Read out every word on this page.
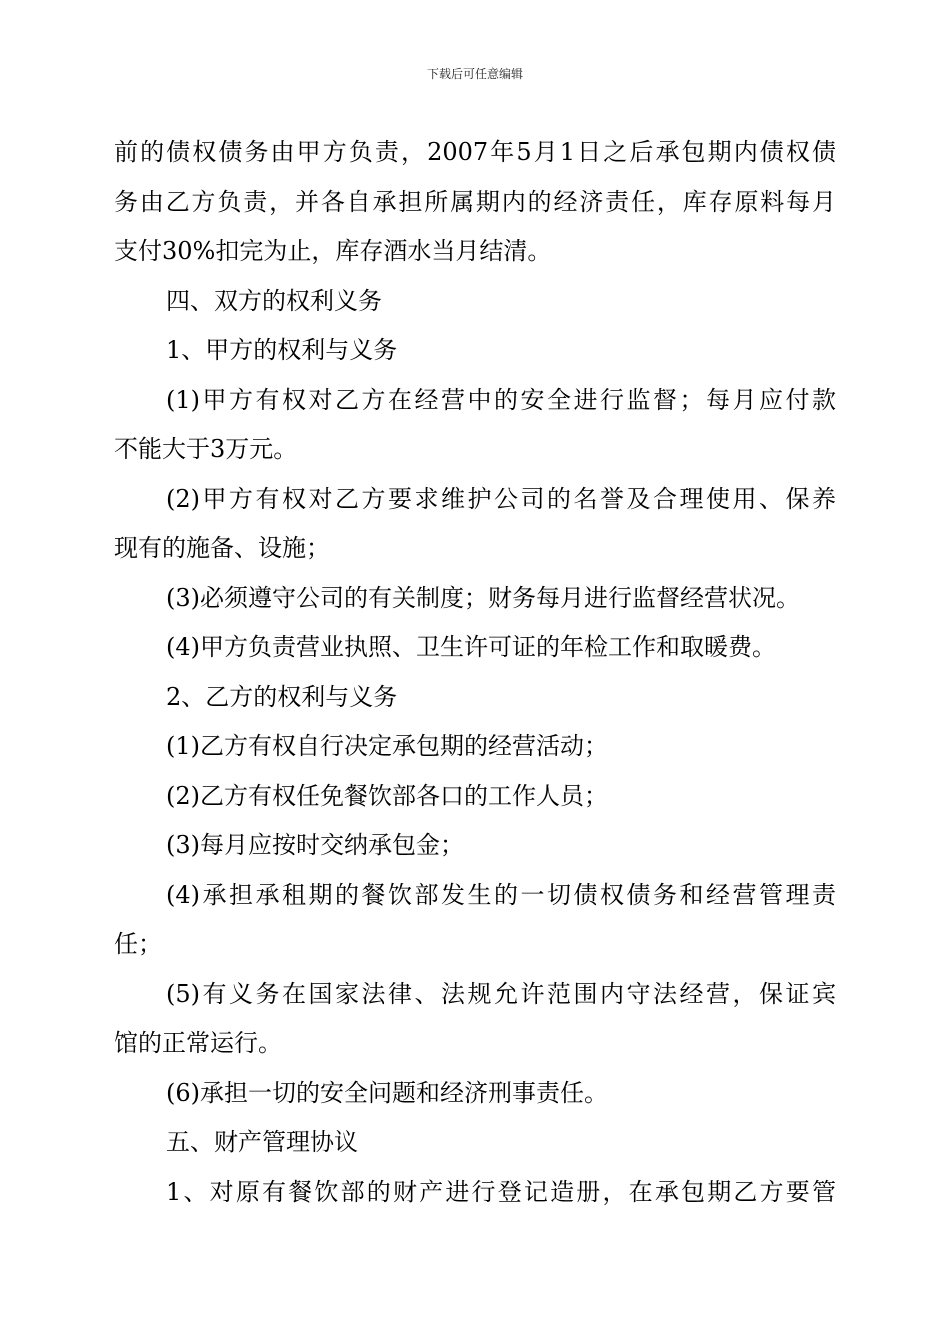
下载后可任意编辑
前的债权债务由甲方负责，2007年5月1日之后承包期内债权债
务由乙方负责，并各自承担所属期内的经济责任，库存原料每月
支付30%扣完为止，库存酒水当月结清。
四、双方的权利义务
1、甲方的权利与义务
(1)甲方有权对乙方在经营中的安全进行监督；每月应付款
不能大于3万元。
(2)甲方有权对乙方要求维护公司的名誉及合理使用、保养
现有的施备、设施；
(3)必须遵守公司的有关制度；财务每月进行监督经营状况。
(4)甲方负责营业执照、卫生许可证的年检工作和取暖费。
2、乙方的权利与义务
(1)乙方有权自行决定承包期的经营活动；
(2)乙方有权任免餐饮部各口的工作人员；
(3)每月应按时交纳承包金；
(4)承担承租期的餐饮部发生的一切债权债务和经营管理责
任；
(5)有义务在国家法律、法规允许范围内守法经营，保证宾
馆的正常运行。
(6)承担一切的安全问题和经济刑事责任。
五、财产管理协议
1、对原有餐饮部的财产进行登记造册，在承包期乙方要管
